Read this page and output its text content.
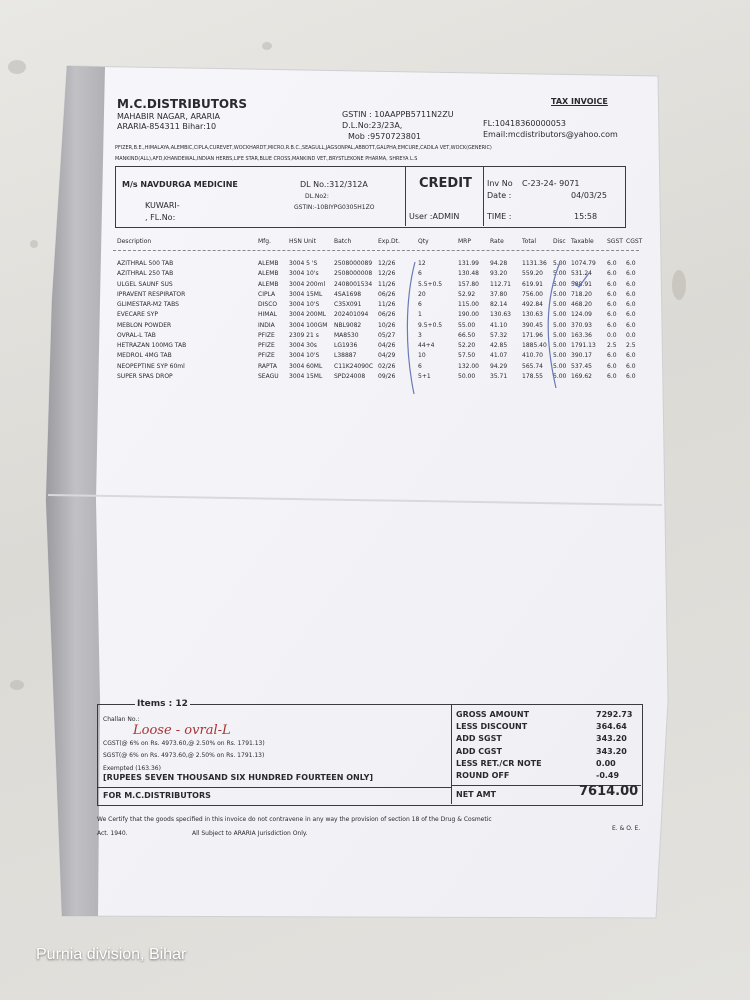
M.C.DISTRIBUTORS
MAHABIR NAGAR, ARARIA
ARARIA-854311 Bihar:10
GSTIN : 10AAPPB5711N2ZU
D.L.No:23/23A,
Mob :9570723801
TAX INVOICE
FL:10418360000053
Email:mcdistributors@yahoo.com
PFIZER,B.E.,HIMALAYA,ALEMBIC,CIPLA,CUREVET,WOCKHARDT,MICRO,R.B.C.,SEAGULL,JAGSONPAL,ABBOTT,GALPHA,EMCURE,CADILA VET,WOCK(GENERIC)
MANKIND(ALL),AFD,KHANDEWAL,INDIAN HERBS,LIFE STAR,BLUE CROSS,MANKIND VET.,BRYSTLEKONE PHARMA, SHREYA L.S
M/s NAVDURGA MEDICINE	DL No.:312/312A
DL.No2:
GSTIN:-10BIYPG0305H1ZO
KUWARI-
, FL.No:
CREDIT
User :ADMIN
Inv No C-23-24- 9071
Date :	04/03/25
TIME :	15:58
Description	Mfg.	HSN Unit	Batch	Exp.Dt.	Qty	MRP	Rate	Total	Disc Taxable SGST CGST
AZITHRAL 500 TAB	ALEMB 3004 5 'S	2508000089 12/26	12	131.99 94.28 1131.36 5.00 1074.79 6.0 6.0
AZITHRAL 250 TAB	ALEMB 3004 10's	2508000008 12/26	6	130.48 93.20 559.20 5.00 531.24	6.0 6.0
ULGEL SAUNF SUS	ALEMB 3004 200ml 2408001534 11/26	5.5+0.5	157.80 112.71 619.91 5.00 588.91	6.0 6.0
IPRAVENT RESPIRATOR	CIPLA 3004 15ML 4SA1698	06/26	20	52.92 37.80 756.00 5.00 718.20	6.0 6.0
GLIMESTAR-M2 TABS	DISCO 3004 10'S C35X091	11/26	6	115.00 82.14 492.84 5.00 468.20	6.0 6.0
EVECARE SYP	HIMAL 3004 200ML 202401094 06/26	1	190.00 130.63 130.63 5.00 124.09	6.0 6.0
MEBLON POWDER	INDIA 3004 100GM NBL9082	10/26	9.5+0.5	55.00 41.10 390.45 5.00 370.93	6.0 6.0
OVRAL-L TAB	PFIZE 2309 21 s	MA8530	05/27	3	66.50 57.32 171.96 5.00 163.36	0.0 0.0
HETRAZAN 100MG TAB	PFIZE 3004 30s	LG1936	04/26	44+4	52.20 42.85 1885.40 5.00 1791.13 2.5 2.5
MEDROL 4MG TAB	PFIZE 3004 10'S L38887	04/29	10	57.50 41.07 410.70 5.00 390.17	6.0 6.0
NEOPEPTINE SYP 60ml	RAPTA 3004 60ML C11K24090C 02/26	6	132.00 94.29 565.74 5.00 537.45	6.0 6.0
SUPER SPAS DROP	SEAGU 3004 15ML SPD24008 09/26	5+1	50.00 35.71 178.55 5.00 169.62	6.0 6.0
Items : 12
Challan No.:
Loose - ovral-L
CGST(@ 6% on Rs. 4973.60,@ 2.50% on Rs. 1791.13)
SGST(@ 6% on Rs. 4973.60,@ 2.50% on Rs. 1791.13)
Exempted (163.36)
[RUPEES SEVEN THOUSAND SIX HUNDRED FOURTEEN ONLY]
FOR M.C.DISTRIBUTORS
GROSS AMOUNT	7292.73
LESS DISCOUNT	364.64
ADD SGST	343.20
ADD CGST	343.20
LESS RET./CR NOTE	0.00
ROUND OFF	-0.49
NET AMT	7614.00
We Certify that the goods specified in this invoice do not contravene in any way the provision of section 18 of the Drug & Cosmetic
Act. 1940.	All Subject to ARARIA Jurisdiction Only.
E. & O. E.
Purnia division, Bihar
